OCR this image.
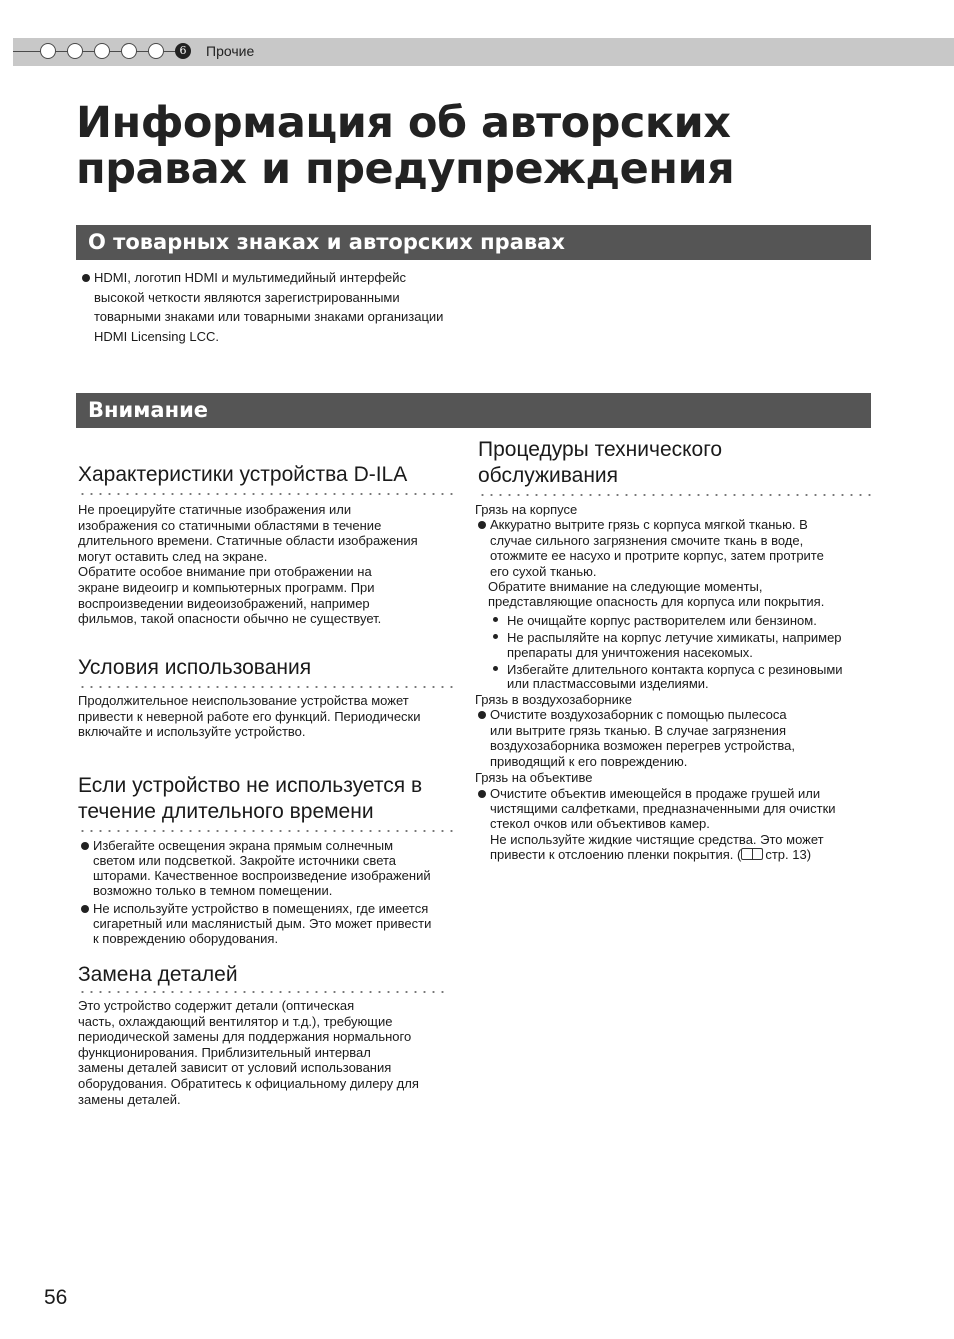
6	Прочие
Информация об авторских
правах и предупреждения
О товарных знаках и авторских правах
HDMI, логотип HDMI и мультимедийный интерфейс
высокой четкости являются зарегистрированными
товарными знаками или товарными знаками организации
HDMI Licensing LCC.
Внимание
Характеристики устройства D-ILA
Не проецируйте статичные изображения или
изображения со статичными областями в течение
длительного времени. Статичные области изображения
могут оставить след на экране.
Обратите особое внимание при отображении на
экране видеоигр и компьютерных программ. При
воспроизведении видеоизображений, например
фильмов, такой опасности обычно не существует.
Условия использования
Продолжительное неиспользование устройства может
привести к неверной работе его функций. Периодически
включайте и используйте устройство.
Если устройство не используется в
течение длительного времени
Избегайте освещения экрана прямым солнечным
светом или подсветкой. Закройте источники света
шторами. Качественное воспроизведение изображений
возможно только в темном помещении.
Не используйте устройство в помещениях, где имеется
сигаретный или маслянистый дым. Это может привести
к повреждению оборудования.
Замена деталей
Это устройство содержит детали (оптическая
часть, охлаждающий вентилятор и т.д.), требующие
периодической замены для поддержания нормального
функционирования. Приблизительный интервал
замены деталей зависит от условий использования
оборудования. Обратитесь к официальному дилеру для
замены деталей.
Процедуры технического
обслуживания
Грязь на корпусе
Аккуратно вытрите грязь с корпуса мягкой тканью. В
случае сильного загрязнения смочите ткань в воде,
отожмите ее насухо и протрите корпус, затем протрите
его сухой тканью.
Обратите внимание на следующие моменты,
представляющие опасность для корпуса или покрытия.
Не очищайте корпус растворителем или бензином.
Не распыляйте на корпус летучие химикаты, например
препараты для уничтожения насекомых.
Избегайте длительного контакта корпуса с резиновыми
или пластмассовыми изделиями.
Грязь в воздухозаборнике
Очистите воздухозаборник с помощью пылесоса
или вытрите грязь тканью. В случае загрязнения
воздухозаборника возможен перегрев устройства,
приводящий к его повреждению.
Грязь на объективе
Очистите объектив имеющейся в продаже грушей или
чистящими салфетками, предназначенными для очистки
стекол очков или объективов камер.
Не используйте жидкие чистящие средства. Это может
привести к отслоению пленки покрытия. ( стр. 13)
56
